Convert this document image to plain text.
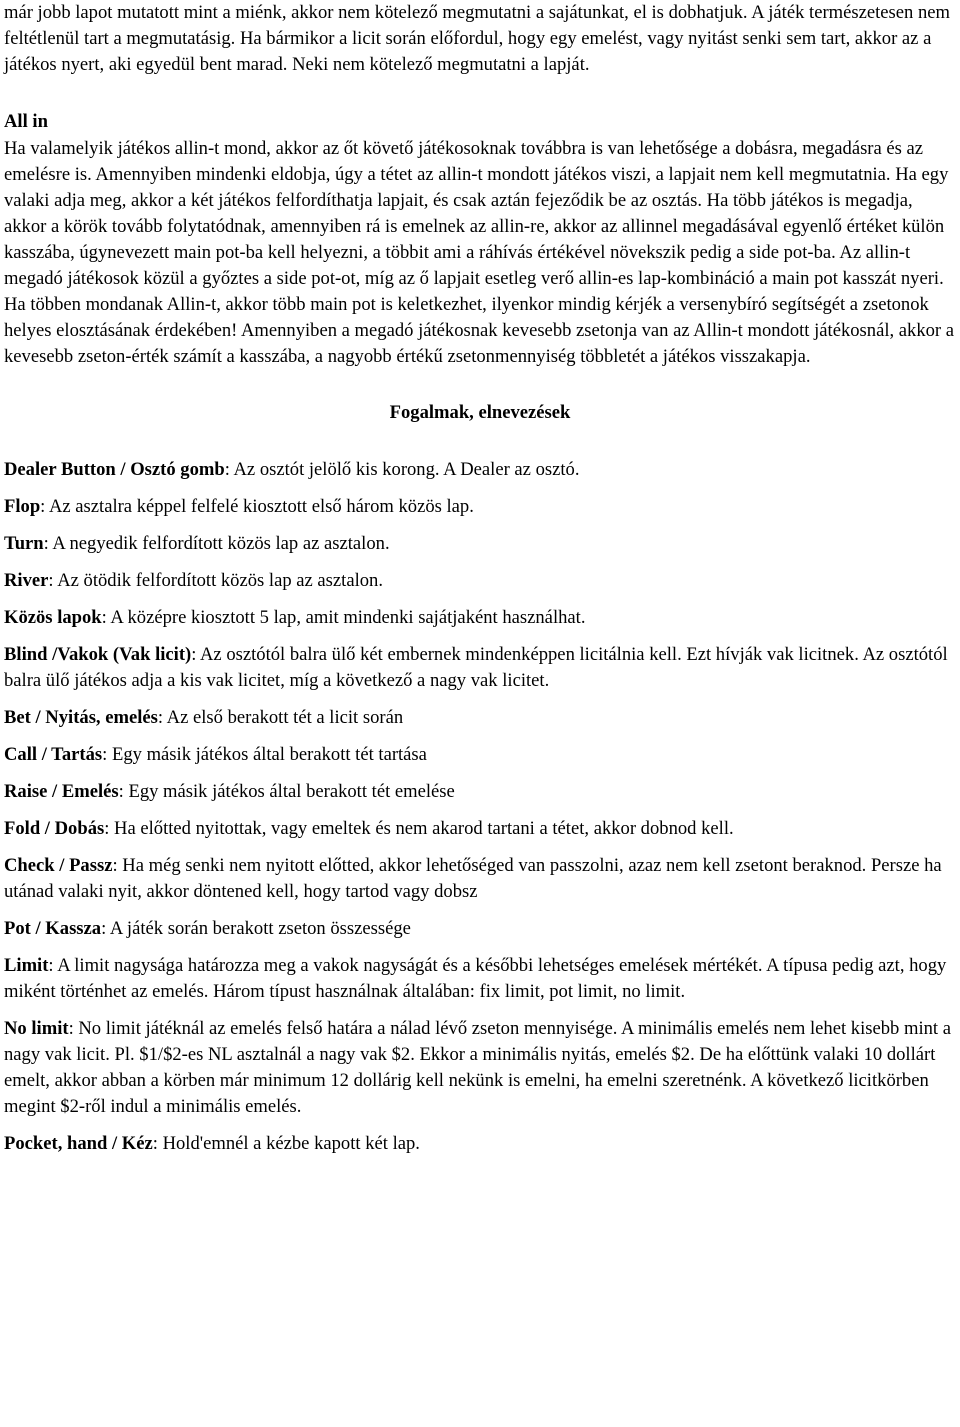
már jobb lapot mutatott mint a miénk, akkor nem kötelező megmutatni a sajátunkat, el is dobhatjuk. A játék természetesen nem feltétlenül tart a megmutatásig. Ha bármikor a licit során előfordul, hogy egy emelést, vagy nyitást senki sem tart, akkor az a játékos nyert, aki egyedül bent marad. Neki nem kötelező megmutatni a lapját.

All in

Ha valamelyik játékos allin-t mond, akkor az őt követő játékosoknak továbbra is van lehetősége a dobásra, megadásra és az emelésre is. Amennyiben mindenki eldobja, úgy a tétet az allin-t mondott játékos viszi, a lapjait nem kell megmutatnia. Ha egy valaki adja meg, akkor a két játékos felfordíthatja lapjait, és csak aztán fejeződik be az osztás. Ha több játékos is megadja, akkor a körök tovább folytatódnak, amennyiben rá is emelnek az allin-re, akkor az allinnel megadásával egyenlő értéket külön kasszába, úgynevezett main pot-ba kell helyezni, a többit ami a ráhívás értékével növekszik pedig a side pot-ba. Az allin-t megadó játékosok közül a győztes a side pot-ot, míg az ő lapjait esetleg verő allin-es lap-kombináció a main pot kasszát nyeri. Ha többen mondanak Allin-t, akkor több main pot is keletkezhet, ilyenkor mindig kérjék a versenybíró segítségét a zsetonok helyes elosztásának érdekében! Amennyiben a megadó játékosnak kevesebb zsetonja van az Allin-t mondott játékosnál, akkor a kevesebb zseton-érték számít a kasszába, a nagyobb értékű zsetonmennyiség többletét a játékos visszakapja.

Fogalmak, elnevezések

Dealer Button / Osztó gomb: Az osztót jelölő kis korong. A Dealer az osztó.

Flop: Az asztalra képpel felfelé kiosztott első három közös lap.

Turn: A negyedik felfordított közös lap az asztalon.

River: Az ötödik felfordított közös lap az asztalon.

Közös lapok: A középre kiosztott 5 lap, amit mindenki sajátjaként használhat.

Blind /Vakok (Vak licit): Az osztótól balra ülő két embernek mindenképpen licitálnia kell. Ezt hívják vak licitnek. Az osztótól balra ülő játékos adja a kis vak licitet, míg a következő a nagy vak licitet.

Bet / Nyitás, emelés: Az első berakott tét a licit során

Call / Tartás: Egy másik játékos által berakott tét tartása

Raise / Emelés: Egy másik játékos által berakott tét emelése

Fold / Dobás: Ha előtted nyitottak, vagy emeltek és nem akarod tartani a tétet, akkor dobnod kell.

Check / Passz: Ha még senki nem nyitott előtted, akkor lehetőséged van passzolni, azaz nem kell zsetont beraknod. Persze ha utánad valaki nyit, akkor döntened kell, hogy tartod vagy dobsz

Pot / Kassza: A játék során berakott zseton összessége

Limit: A limit nagysága határozza meg a vakok nagyságát és a későbbi lehetséges emelések mértékét. A típusa pedig azt, hogy miként történhet az emelés. Három típust használnak általában: fix limit, pot limit, no limit.

No limit: No limit játéknál az emelés felső határa a nálad lévő zseton mennyisége. A minimális emelés nem lehet kisebb mint a nagy vak licit. Pl. $1/$2-es NL asztalnál a nagy vak $2. Ekkor a minimális nyitás, emelés $2. De ha előttünk valaki 10 dollárt emelt, akkor abban a körben már minimum 12 dollárig kell nekünk is emelni, ha emelni szeretnénk. A következő licitkörben megint $2-ről indul a minimális emelés.

Pocket, hand / Kéz: Hold'emnél a kézbe kapott két lap.
